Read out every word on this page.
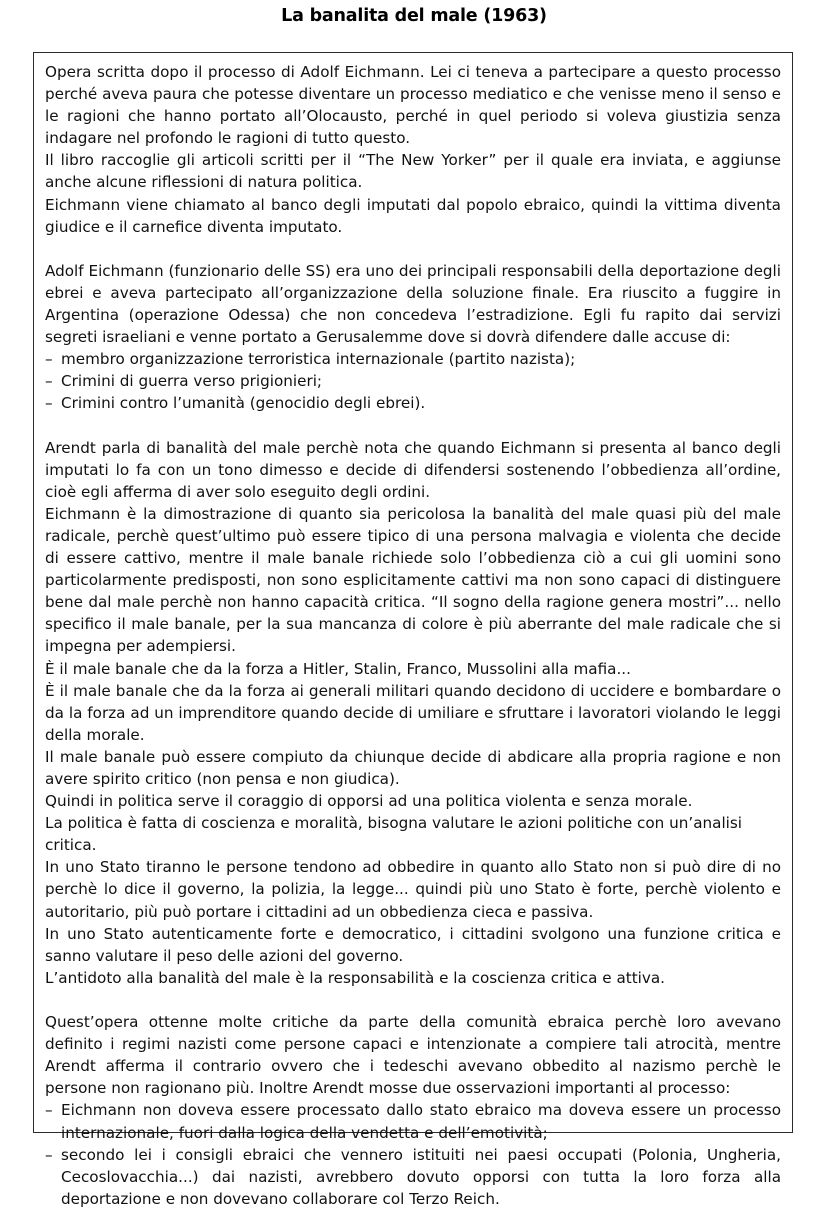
La banalita del male (1963)

Opera scritta dopo il processo di Adolf Eichmann. Lei ci teneva a partecipare a questo processo perché aveva paura che potesse diventare un processo mediatico e che venisse meno il senso e le ragioni che hanno portato all’Olocausto, perché in quel periodo si voleva giustizia senza indagare nel profondo le ragioni di tutto questo.

Il libro raccoglie gli articoli scritti per il “The New Yorker” per il quale era inviata, e aggiunse anche alcune riflessioni di natura politica.

Eichmann viene chiamato al banco degli imputati dal popolo ebraico, quindi la vittima diventa giudice e il carnefice diventa imputato.

Adolf Eichmann (funzionario delle SS) era uno dei principali responsabili della deportazione degli ebrei e aveva partecipato all’organizzazione della soluzione finale. Era riuscito a fuggire in Argentina (operazione Odessa) che non concedeva l’estradizione. Egli fu rapito dai servizi segreti israeliani e venne portato a Gerusalemme dove si dovrà difendere dalle accuse di:

– membro organizzazione terroristica internazionale (partito nazista);
– Crimini di guerra verso prigionieri;
– Crimini contro l’umanità (genocidio degli ebrei).

Arendt parla di banalità del male perchè nota che quando Eichmann si presenta al banco degli imputati lo fa con un tono dimesso e decide di difendersi sostenendo l’obbedienza all’ordine, cioè egli afferma di aver solo eseguito degli ordini.

Eichmann è la dimostrazione di quanto sia pericolosa la banalità del male quasi più del male radicale, perchè quest’ultimo può essere tipico di una persona malvagia e violenta che decide di essere cattivo, mentre il male banale richiede solo l’obbedienza ciò a cui gli uomini sono particolarmente predisposti, non sono esplicitamente cattivi ma non sono capaci di distinguere bene dal male perchè non hanno capacità critica. “Il sogno della ragione genera mostri”... nello specifico il male banale, per la sua mancanza di colore è più aberrante del male radicale che si impegna per adempiersi.

È il male banale che da la forza a Hitler, Stalin, Franco, Mussolini alla mafia...

È il male banale che da la forza ai generali militari quando decidono di uccidere e bombardare o da la forza ad un imprenditore quando decide di umiliare e sfruttare i lavoratori violando le leggi della morale.

Il male banale può essere compiuto da chiunque decide di abdicare alla propria ragione e non avere spirito critico (non pensa e non giudica).

Quindi in politica serve il coraggio di opporsi ad una politica violenta e senza morale.

La politica è fatta di coscienza e moralità, bisogna valutare le azioni politiche con un’analisi critica.

In uno Stato tiranno le persone tendono ad obbedire in quanto allo Stato non si può dire di no perchè lo dice il governo, la polizia, la legge... quindi più uno Stato è forte, perchè violento e autoritario, più può portare i cittadini ad un obbedienza cieca e passiva.

In uno Stato autenticamente forte e democratico, i cittadini svolgono una funzione critica e sanno valutare il peso delle azioni del governo.

L’antidoto alla banalità del male è la responsabilità e la coscienza critica e attiva.

Quest’opera ottenne molte critiche da parte della comunità ebraica perchè loro avevano definito i regimi nazisti come persone capaci e intenzionate a compiere tali atrocità, mentre Arendt afferma il contrario ovvero che i tedeschi avevano obbedito al nazismo perchè le persone non ragionano più. Inoltre Arendt mosse due osservazioni importanti al processo:

– Eichmann non doveva essere processato dallo stato ebraico ma doveva essere un processo internazionale, fuori dalla logica della vendetta e dell’emotività;
– secondo lei i consigli ebraici che vennero istituiti nei paesi occupati (Polonia, Ungheria, Cecoslovacchia...) dai nazisti, avrebbero dovuto opporsi con tutta la loro forza alla deportazione e non dovevano collaborare col Terzo Reich.
